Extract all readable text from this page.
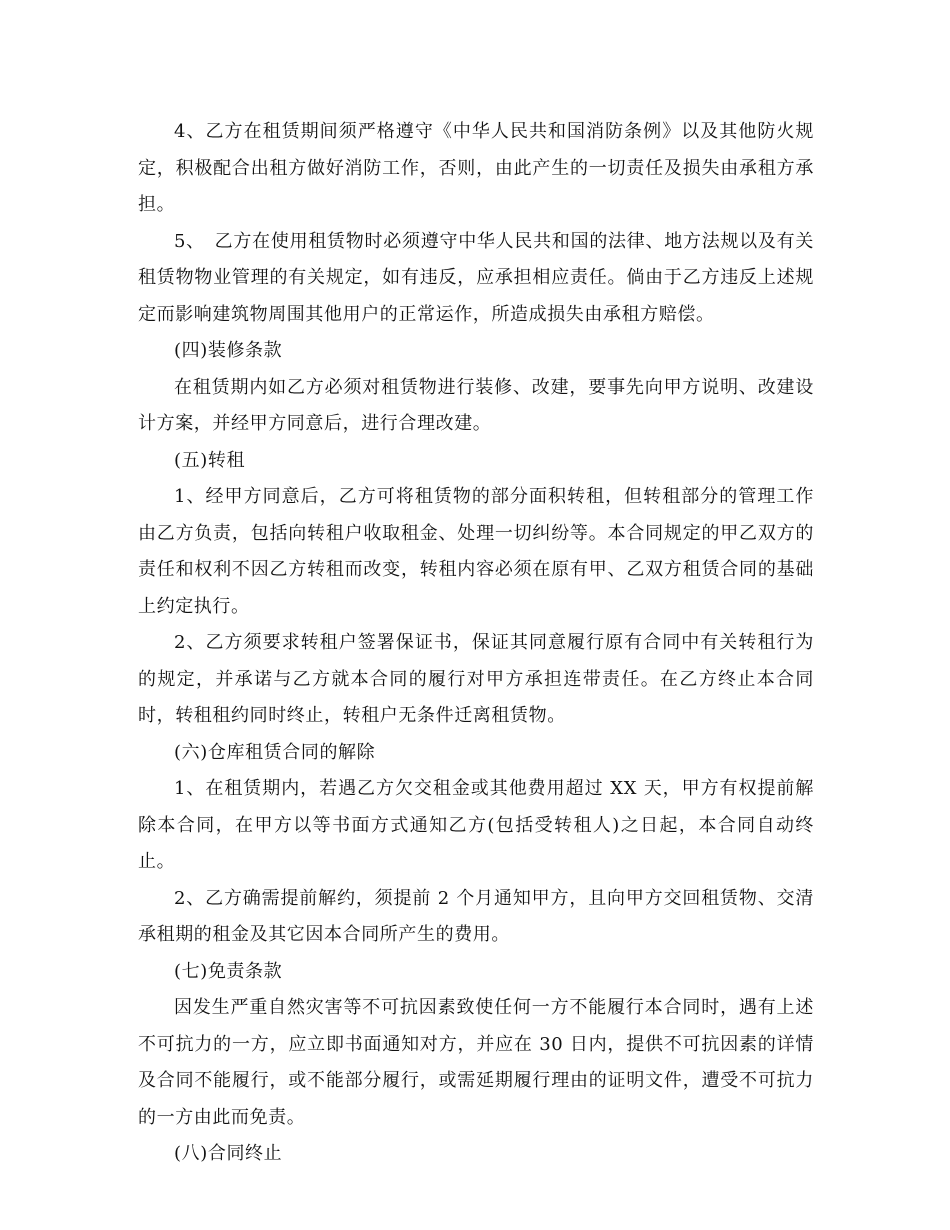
4、乙方在租赁期间须严格遵守《中华人民共和国消防条例》以及其他防火规定，积极配合出租方做好消防工作，否则，由此产生的一切责任及损失由承租方承担。

5、　乙方在使用租赁物时必须遵守中华人民共和国的法律、地方法规以及有关租赁物物业管理的有关规定，如有违反，应承担相应责任。倘由于乙方违反上述规定而影响建筑物周围其他用户的正常运作，所造成损失由承租方赔偿。

(四)装修条款

在租赁期内如乙方必须对租赁物进行装修、改建，要事先向甲方说明、改建设计方案，并经甲方同意后，进行合理改建。

(五)转租

1、经甲方同意后，乙方可将租赁物的部分面积转租，但转租部分的管理工作由乙方负责，包括向转租户收取租金、处理一切纠纷等。本合同规定的甲乙双方的责任和权利不因乙方转租而改变，转租内容必须在原有甲、乙双方租赁合同的基础上约定执行。

2、乙方须要求转租户签署保证书，保证其同意履行原有合同中有关转租行为的规定，并承诺与乙方就本合同的履行对甲方承担连带责任。在乙方终止本合同时，转租租约同时终止，转租户无条件迁离租赁物。

(六)仓库租赁合同的解除

1、在租赁期内，若遇乙方欠交租金或其他费用超过 XX 天，甲方有权提前解除本合同，在甲方以等书面方式通知乙方(包括受转租人)之日起，本合同自动终止。

2、乙方确需提前解约，须提前 2 个月通知甲方，且向甲方交回租赁物、交清承租期的租金及其它因本合同所产生的费用。

(七)免责条款

因发生严重自然灾害等不可抗因素致使任何一方不能履行本合同时，遇有上述不可抗力的一方，应立即书面通知对方，并应在 30 日内，提供不可抗因素的详情及合同不能履行，或不能部分履行，或需延期履行理由的证明文件，遭受不可抗力的一方由此而免责。

(八)合同终止
